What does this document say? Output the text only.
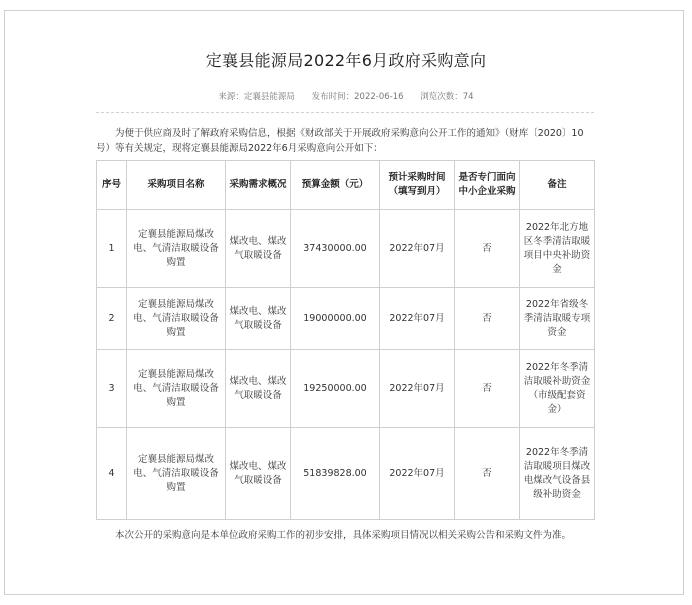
定襄县能源局2022年6月政府采购意向
来源：定襄县能源局 发布时间：2022-06-16 浏览次数：74
为便于供应商及时了解政府采购信息，根据《财政部关于开展政府采购意向公开工作的通知》（财库〔2020〕10号）等有关规定，现将定襄县能源局2022年6月采购意向公开如下：
序号	采购项目名称	采购需求概况	预算金额（元）	预计采购时间（填写到月）	是否专门面向中小企业采购	备注
1	定襄县能源局煤改电、气清洁取暖设备购置	煤改电、煤改气取暖设备	37430000.00	2022年07月	否	2022年北方地区冬季清洁取暖项目中央补助资金
2	定襄县能源局煤改电、气清洁取暖设备购置	煤改电、煤改气取暖设备	19000000.00	2022年07月	否	2022年省级冬季清洁取暖专项资金
3	定襄县能源局煤改电、气清洁取暖设备购置	煤改电、煤改气取暖设备	19250000.00	2022年07月	否	2022年冬季清洁取暖补助资金（市级配套资金）
4	定襄县能源局煤改电、气清洁取暖设备购置	煤改电、煤改气取暖设备	51839828.00	2022年07月	否	2022年冬季清洁取暖项目煤改电煤改气设备县级补助资金
本次公开的采购意向是本单位政府采购工作的初步安排，具体采购项目情况以相关采购公告和采购文件为准。
